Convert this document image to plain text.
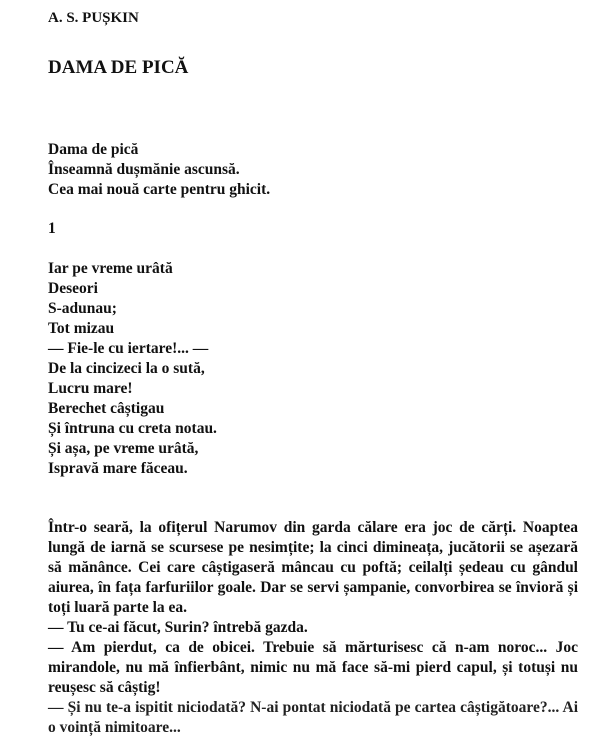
A. S. PUȘKIN
DAMA DE PICĂ
Dama de pică
Înseamnă dușmănie ascunsă.
Cea mai nouă carte pentru ghicit.
1
Iar pe vreme urâtă
Deseori
S-adunau;
Tot mizau
— Fie-le cu iertare!... —
De la cincizeci la o sută,
Lucru mare!
Berechet câștigau
Și întruna cu creta notau.
Și așa, pe vreme urâtă,
Ispravă mare făceau.

Într-o seară, la ofițerul Narumov din garda călare era joc de cărți. Noaptea lungă de iarnă se scursese pe nesimțite; la cinci dimineața, jucătorii se așezară să mănânce. Cei care câștigaseră mâncau cu poftă; ceilalți ședeau cu gândul aiurea, în fața farfuriilor goale. Dar se servi șampanie, convorbirea se învioră și toți luară parte la ea.

— Tu ce-ai făcut, Surin? întrebă gazda.

— Am pierdut, ca de obicei. Trebuie să mărturisesc că n-am noroc... Joc mirandole, nu mă înfierbânt, nimic nu mă face să-mi pierd capul, și totuși nu reușesc să câștig!

— Și nu te-a ispitit niciodată? N-ai pontat niciodată pe cartea câștigătoare?... Ai o voință nimitoare...
